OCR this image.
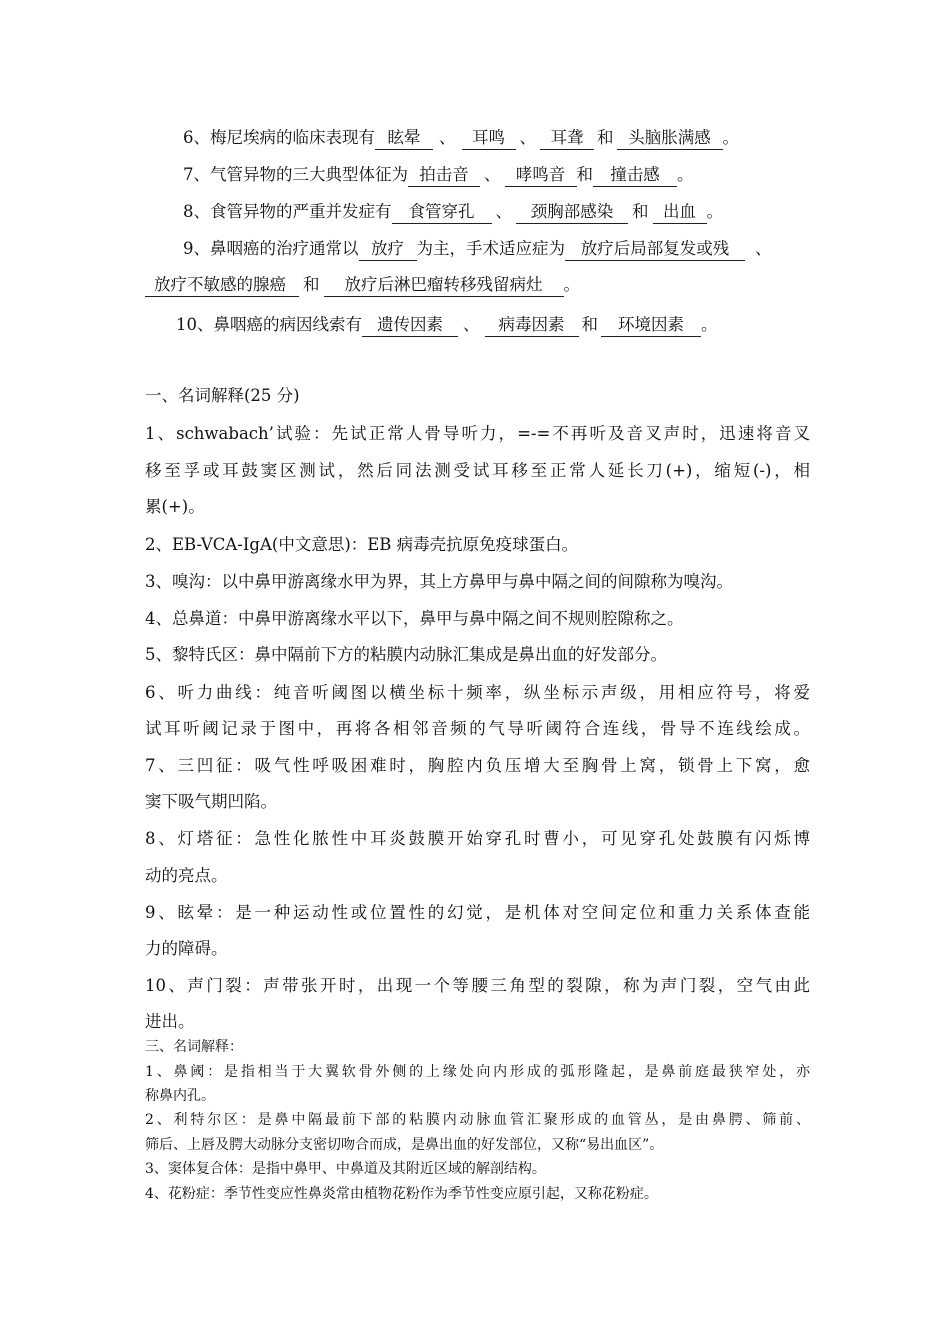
6、梅尼埃病的临床表现有 眩晕 、 耳鸣 、 耳聋 和 头脑胀满感 。
7、气管异物的三大典型体征为 拍击音 、 哮鸣音 和 撞击感 。
8、食管异物的严重并发症有 食管穿孔 、 颈胸部感染 和 出血 。
9、鼻咽癌的治疗通常以 放疗 为主，手术适应症为 放疗后局部复发或残 、
放疗不敏感的腺癌 和 放疗后淋巴瘤转移残留病灶 。
10、鼻咽癌的病因线索有 遗传因素 、 病毒因素 和 环境因素 。
一、名词解释(25 分)
1、schwabach’试验：先试正常人骨导听力，=-=不再听及音叉声时，迅速将音叉
移至孚或耳鼓窦区测试，然后同法测受试耳移至正常人延长刀(+)，缩短(-)，相
累(+)。
2、EB-VCA-IgA(中文意思)：EB 病毒壳抗原免疫球蛋白。
3、嗅沟：以中鼻甲游离缘水甲为界，其上方鼻甲与鼻中隔之间的间隙称为嗅沟。
4、总鼻道：中鼻甲游离缘水平以下，鼻甲与鼻中隔之间不规则腔隙称之。
5、黎特氏区：鼻中隔前下方的粘膜内动脉汇集成是鼻出血的好发部分。
6、听力曲线：纯音听阈图以横坐标十频率，纵坐标示声级，用相应符号，将爱
试耳听阈记录于图中，再将各相邻音频的气导听阈符合连线，骨导不连线绘成。
7、三凹征：吸气性呼吸困难时，胸腔内负压增大至胸骨上窝，锁骨上下窝，愈
窦下吸气期凹陷。
8、灯塔征：急性化脓性中耳炎鼓膜开始穿孔时曹小，可见穿孔处鼓膜有闪烁博
动的亮点。
9、眩晕：是一种运动性或位置性的幻觉，是机体对空间定位和重力关系体查能
力的障碍。
10、声门裂：声带张开时，出现一个等腰三角型的裂隙，称为声门裂，空气由此
进出。
三、名词解释：
1、鼻阈：是指相当于大翼软骨外侧的上缘处向内形成的弧形隆起，是鼻前庭最狭窄处，亦
称鼻内孔。
2、利特尔区：是鼻中隔最前下部的粘膜内动脉血管汇聚形成的血管丛，是由鼻腭、筛前、
筛后、上唇及腭大动脉分支密切吻合而成，是鼻出血的好发部位，又称“易出血区”。
3、窦体复合体：是指中鼻甲、中鼻道及其附近区域的解剖结构。
4、花粉症：季节性变应性鼻炎常由植物花粉作为季节性变应原引起，又称花粉症。
